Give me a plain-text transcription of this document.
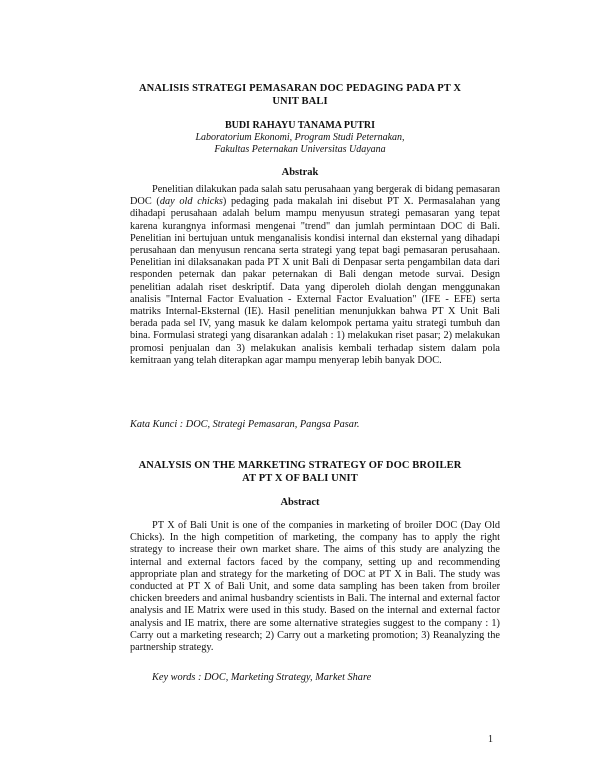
ANALISIS STRATEGI PEMASARAN DOC PEDAGING PADA PT X
UNIT BALI
BUDI RAHAYU TANAMA PUTRI
Laboratorium Ekonomi, Program Studi Peternakan,
Fakultas Peternakan Universitas Udayana
Abstrak

Penelitian dilakukan pada salah satu perusahaan yang bergerak di bidang pemasaran DOC (day old chicks) pedaging pada makalah ini disebut PT X. Permasalahan yang dihadapi perusahaan adalah belum mampu menyusun strategi pemasaran yang tepat karena kurangnya informasi mengenai "trend" dan jumlah permintaan DOC di Bali. Penelitian ini bertujuan untuk menganalisis kondisi internal dan eksternal yang dihadapi perusahaan dan menyusun rencana serta strategi yang tepat bagi pemasaran perusahaan. Penelitian ini dilaksanakan pada PT X unit Bali di Denpasar serta pengambilan data dari responden peternak dan pakar peternakan di Bali dengan metode survai. Design penelitian adalah riset deskriptif. Data yang diperoleh diolah dengan menggunakan analisis "Internal Factor Evaluation - External Factor Evaluation" (IFE - EFE) serta matriks Internal-Eksternal (IE). Hasil penelitian menunjukkan bahwa PT X Unit Bali berada pada sel IV, yang masuk ke dalam kelompok pertama yaitu strategi tumbuh dan bina. Formulasi strategi yang disarankan adalah : 1) melakukan riset pasar; 2) melakukan promosi penjualan dan 3) melakukan analisis kembali terhadap sistem dalam pola kemitraan yang telah diterapkan agar mampu menyerap lebih banyak DOC.

Kata Kunci : DOC, Strategi Pemasaran, Pangsa Pasar.
ANALYSIS ON THE MARKETING STRATEGY OF DOC BROILER
AT PT X OF BALI UNIT
Abstract

PT X of Bali Unit is one of the companies in marketing of broiler DOC (Day Old Chicks). In the high competition of marketing, the company has to apply the right strategy to increase their own market share. The aims of this study are analyzing the internal and external factors faced by the company, setting up and recommending appropriate plan and strategy for the marketing of DOC at PT X in Bali. The study was conducted at PT X of Bali Unit, and some data sampling has been taken from broiler chicken breeders and animal husbandry scientists in Bali. The internal and external factor analysis and IE Matrix were used in this study. Based on the internal and external factor analysis and IE matrix, there are some alternative strategies suggest to the company : 1) Carry out a marketing research; 2) Carry out a marketing promotion; 3) Reanalyzing the partnership strategy.

Key words : DOC, Marketing Strategy, Market Share
1
